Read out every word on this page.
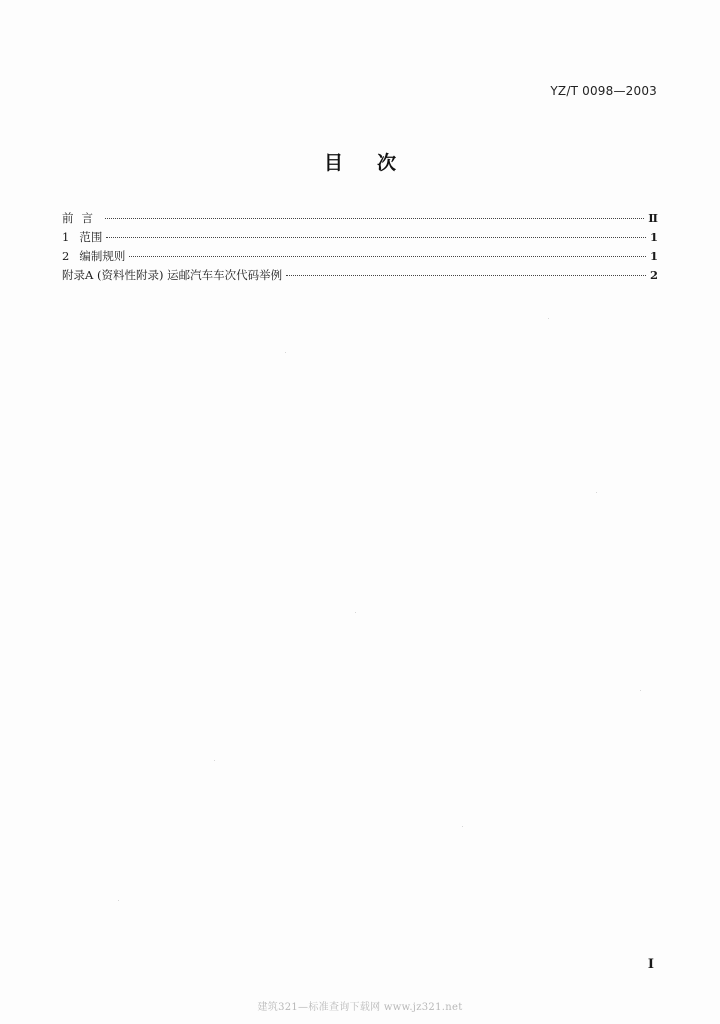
YZ/T 0098—2003
目次
前言	Ⅱ
1 范围	1
2 编制规则	1
附录A (资料性附录) 运邮汽车车次代码举例	2
I
建筑321—标准查询下载网 www.jz321.net
